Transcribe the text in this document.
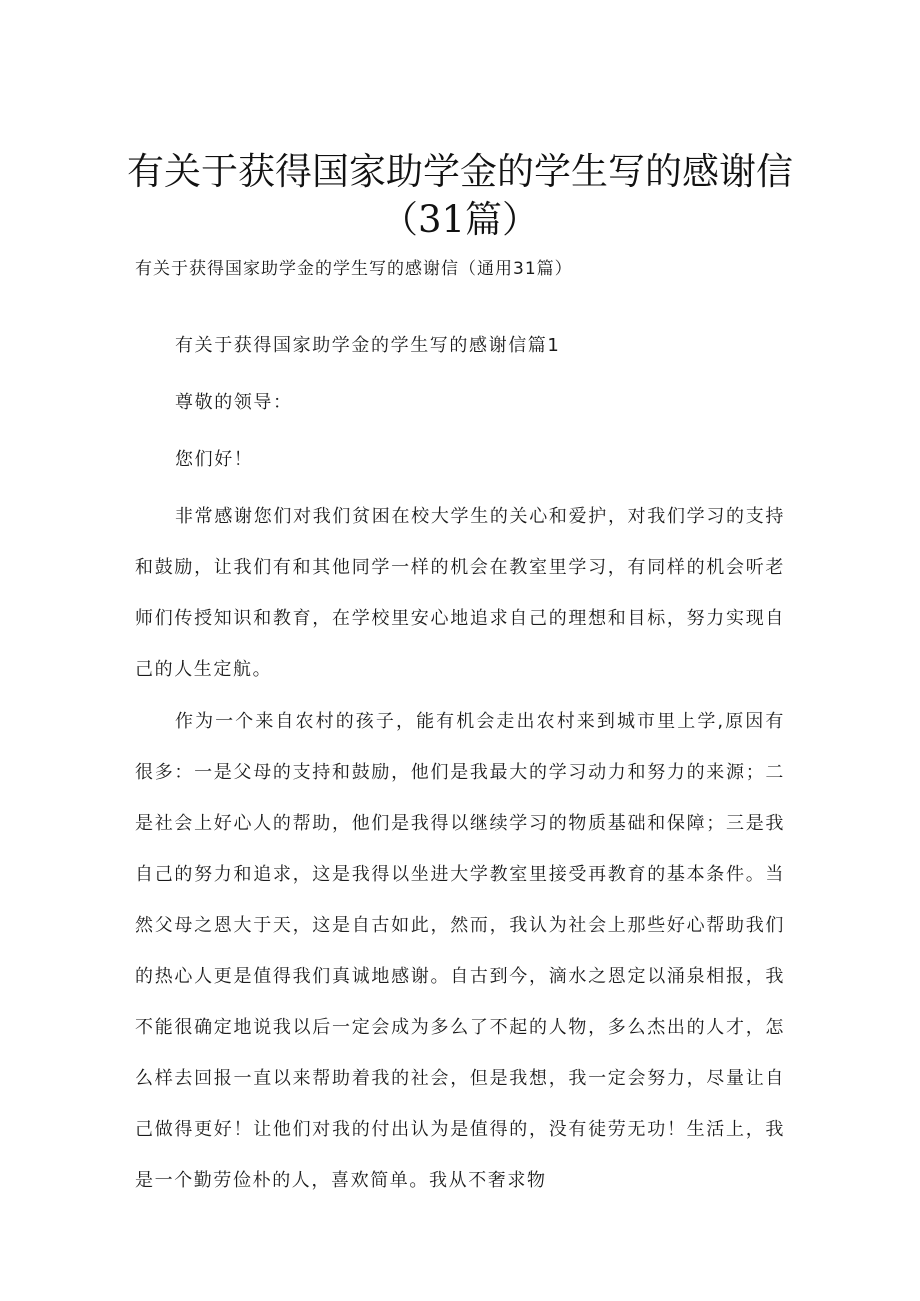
有关于获得国家助学金的学生写的感谢信（31篇）

有关于获得国家助学金的学生写的感谢信（通用31篇）

有关于获得国家助学金的学生写的感谢信篇1

尊敬的领导：

您们好！

非常感谢您们对我们贫困在校大学生的关心和爱护，对我们学习的支持和鼓励，让我们有和其他同学一样的机会在教室里学习，有同样的机会听老师们传授知识和教育，在学校里安心地追求自己的理想和目标，努力实现自己的人生定航。

作为一个来自农村的孩子，能有机会走出农村来到城市里上学,原因有很多：一是父母的支持和鼓励，他们是我最大的学习动力和努力的来源；二是社会上好心人的帮助，他们是我得以继续学习的物质基础和保障；三是我自己的努力和追求，这是我得以坐进大学教室里接受再教育的基本条件。当然父母之恩大于天，这是自古如此，然而，我认为社会上那些好心帮助我们的热心人更是值得我们真诚地感谢。自古到今，滴水之恩定以涌泉相报，我不能很确定地说我以后一定会成为多么了不起的人物，多么杰出的人才，怎么样去回报一直以来帮助着我的社会，但是我想，我一定会努力，尽量让自己做得更好！让他们对我的付出认为是值得的，没有徒劳无功！生活上，我是一个勤劳俭朴的人，喜欢简单。我从不奢求物
